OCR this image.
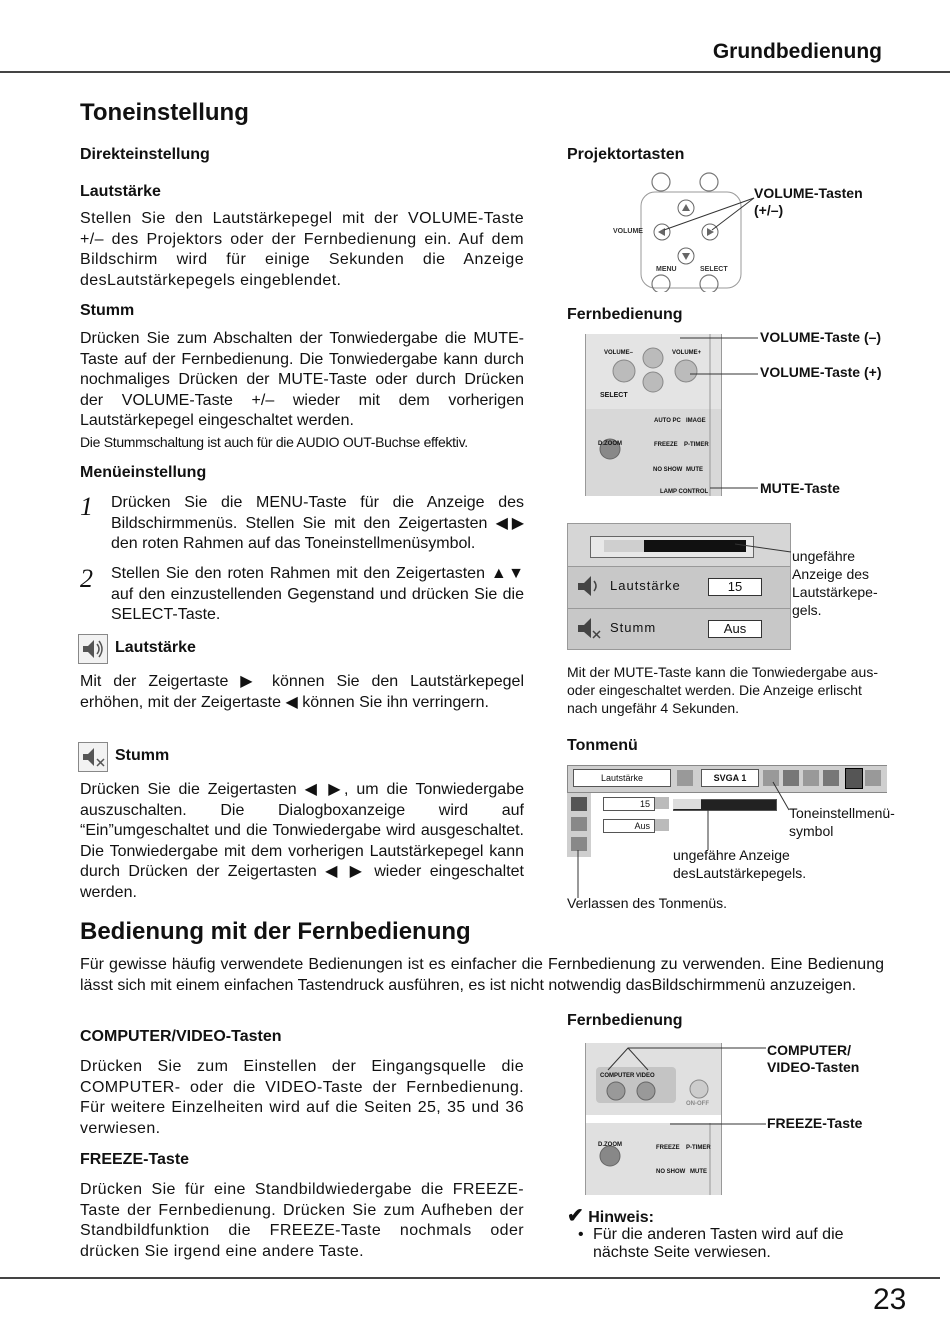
Grundbedienung
Toneinstellung
Direkteinstellung
Lautstärke
Stellen Sie den Lautstärkepegel mit der VOLUME-Taste +/– des Projektors oder der Fernbedienung ein. Auf dem Bildschirm wird für einige Sekunden die Anzeige desLautstärkepegels eingeblendet.
Stumm
Drücken Sie zum Abschalten der Tonwiedergabe die MUTE-Taste auf der Fernbedienung. Die Tonwiedergabe kann durch nochmaliges Drücken der MUTE-Taste oder durch Drücken der VOLUME-Taste +/– wieder mit dem vorherigen Lautstärkepegel eingeschaltet werden.
Die Stummschaltung ist auch für die AUDIO OUT-Buchse effektiv.
Menüeinstellung
1 Drücken Sie die MENU-Taste für die Anzeige des Bildschirmmenüs. Stellen Sie mit den Zeigertasten ◀▶ den roten Rahmen auf das Toneinstellmenüsymbol.
2 Stellen Sie den roten Rahmen mit den Zeigertasten ▲▼ auf den einzustellenden Gegenstand und drücken Sie die SELECT-Taste.
Lautstärke
Mit der Zeigertaste ▶ können Sie den Lautstärkepegel erhöhen, mit der Zeigertaste ◀ können Sie ihn verringern.
Stumm
Drücken Sie die Zeigertasten ◀ ▶, um die Tonwiedergabe auszuschalten. Die Dialogboxanzeige wird auf “Ein”umgeschaltet und die Tonwiedergabe wird ausgeschaltet. Die Tonwiedergabe mit dem vorherigen Lautstärkepegel kann durch Drücken der Zeigertasten ◀ ▶ wieder eingeschaltet werden.
Projektortasten
VOLUME
MENU	SELECT
VOLUME-Tasten (+/–)
Fernbedienung
VOLUME–	VOLUME+
SELECT
AUTO PC IMAGE
D.ZOOM	FREEZE P-TIMER
NO SHOW MUTE
LAMP CONTROL
VOLUME-Taste (–)
VOLUME-Taste (+)
MUTE-Taste
Lautstärke	15
Stumm	Aus
ungefähre Anzeige des Lautstärkepe-gels.
Mit der MUTE-Taste kann die Tonwiedergabe aus- oder eingeschaltet werden. Die Anzeige erlischt nach ungefähr 4 Sekunden.
Tonmenü
Lautstärke	SVGA 1
15
Aus
Toneinstellmenü-symbol
ungefähre Anzeige desLautstärkepegels.
Verlassen des Tonmenüs.
Bedienung mit der Fernbedienung
Für gewisse häufig verwendete Bedienungen ist es einfacher die Fernbedienung zu verwenden. Eine Bedienung lässt sich mit einem einfachen Tastendruck ausführen, es ist nicht notwendig dasBildschirmmenü anzuzeigen.
COMPUTER/VIDEO-Tasten
Drücken Sie zum Einstellen der Eingangsquelle die COMPUTER- oder die VIDEO-Taste der Fernbedienung. Für weitere Einzelheiten wird auf die Seiten 25, 35 und 36 verwiesen.
FREEZE-Taste
Drücken Sie für eine Standbildwiedergabe die FREEZE-Taste der Fernbedienung. Drücken Sie zum Aufheben der Standbildfunktion die FREEZE-Taste nochmals oder drücken Sie irgend eine andere Taste.
Fernbedienung
COMPUTER VIDEO
ON-OFF
D.ZOOM	FREEZE P-TIMER
NO SHOW MUTE
COMPUTER/ VIDEO-Tasten
FREEZE-Taste
✔ Hinweis:
• Für die anderen Tasten wird auf die nächste Seite verwiesen.
23
